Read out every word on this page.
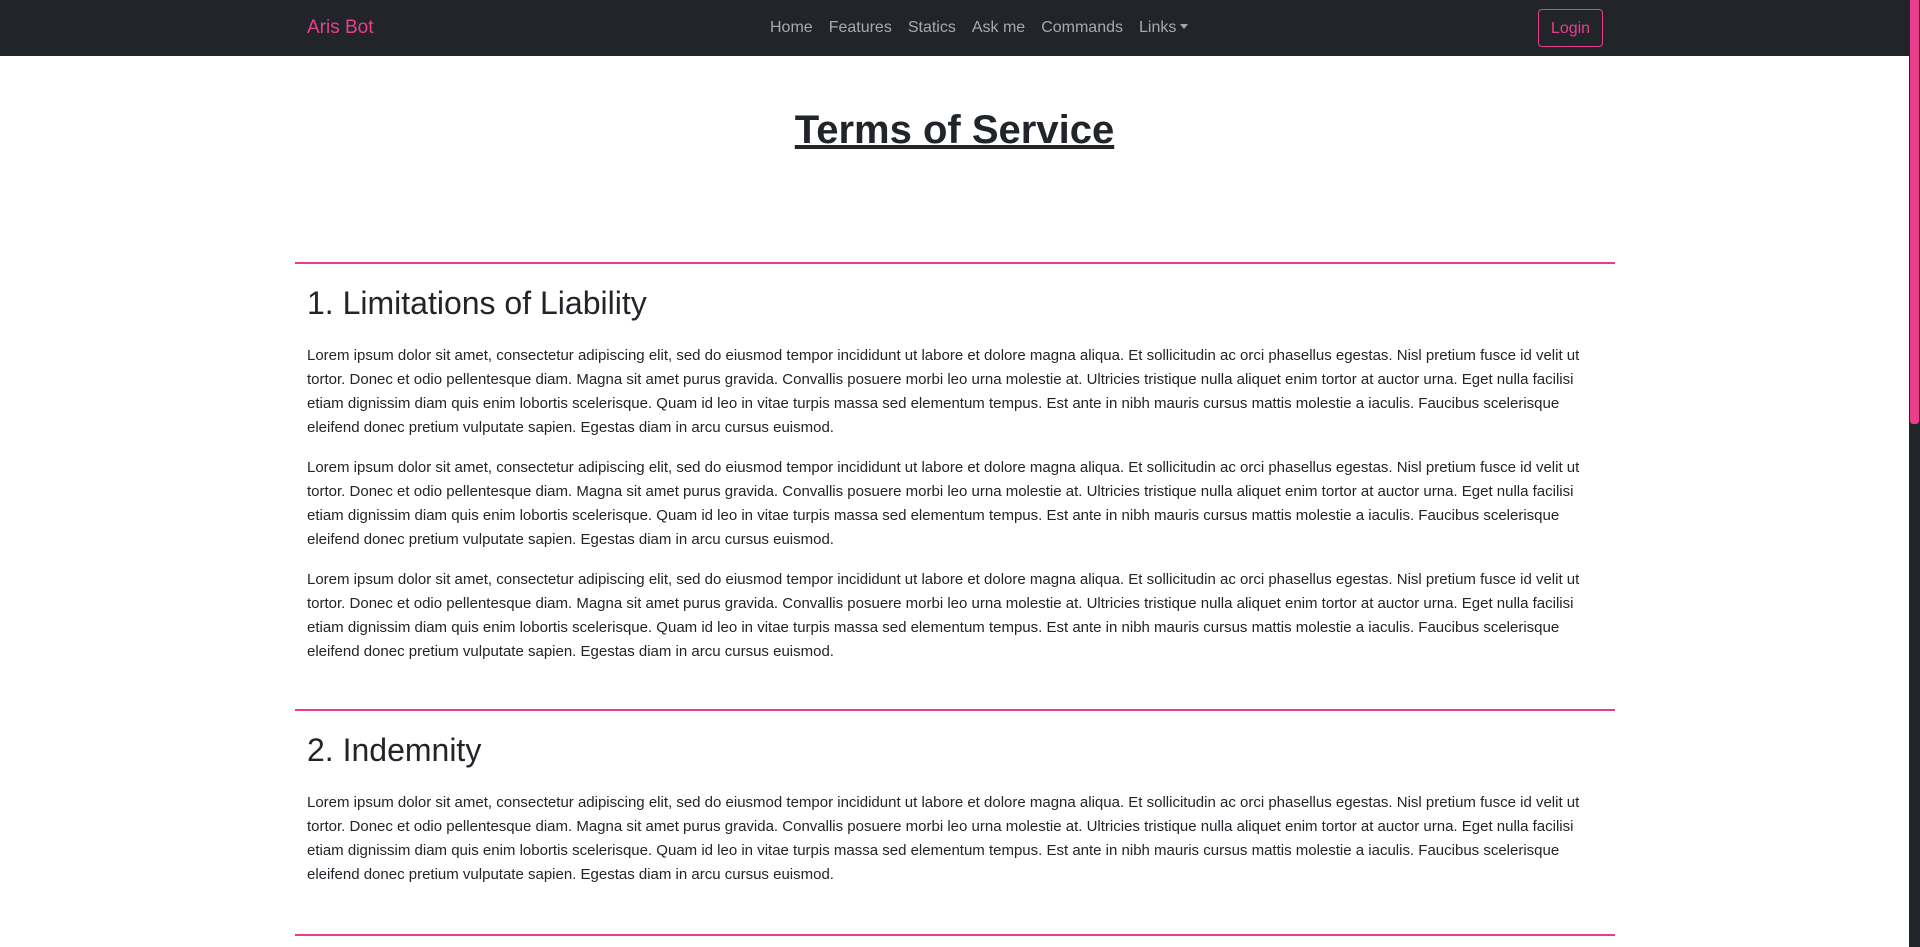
Aris Bot	Home	Features	Statics	Ask me	Commands	Links	Login
Terms of Service
1. Limitations of Liability

Lorem ipsum dolor sit amet, consectetur adipiscing elit, sed do eiusmod tempor incididunt ut labore et dolore magna aliqua. Et sollicitudin ac orci phasellus egestas. Nisl pretium fusce id velit ut tortor. Donec et odio pellentesque diam. Magna sit amet purus gravida. Convallis posuere morbi leo urna molestie at. Ultricies tristique nulla aliquet enim tortor at auctor urna. Eget nulla facilisi etiam dignissim diam quis enim lobortis scelerisque. Quam id leo in vitae turpis massa sed elementum tempus. Est ante in nibh mauris cursus mattis molestie a iaculis. Faucibus scelerisque eleifend donec pretium vulputate sapien. Egestas diam in arcu cursus euismod.

Lorem ipsum dolor sit amet, consectetur adipiscing elit, sed do eiusmod tempor incididunt ut labore et dolore magna aliqua. Et sollicitudin ac orci phasellus egestas. Nisl pretium fusce id velit ut tortor. Donec et odio pellentesque diam. Magna sit amet purus gravida. Convallis posuere morbi leo urna molestie at. Ultricies tristique nulla aliquet enim tortor at auctor urna. Eget nulla facilisi etiam dignissim diam quis enim lobortis scelerisque. Quam id leo in vitae turpis massa sed elementum tempus. Est ante in nibh mauris cursus mattis molestie a iaculis. Faucibus scelerisque eleifend donec pretium vulputate sapien. Egestas diam in arcu cursus euismod.

Lorem ipsum dolor sit amet, consectetur adipiscing elit, sed do eiusmod tempor incididunt ut labore et dolore magna aliqua. Et sollicitudin ac orci phasellus egestas. Nisl pretium fusce id velit ut tortor. Donec et odio pellentesque diam. Magna sit amet purus gravida. Convallis posuere morbi leo urna molestie at. Ultricies tristique nulla aliquet enim tortor at auctor urna. Eget nulla facilisi etiam dignissim diam quis enim lobortis scelerisque. Quam id leo in vitae turpis massa sed elementum tempus. Est ante in nibh mauris cursus mattis molestie a iaculis. Faucibus scelerisque eleifend donec pretium vulputate sapien. Egestas diam in arcu cursus euismod.

2. Indemnity

Lorem ipsum dolor sit amet, consectetur adipiscing elit, sed do eiusmod tempor incididunt ut labore et dolore magna aliqua. Et sollicitudin ac orci phasellus egestas. Nisl pretium fusce id velit ut tortor. Donec et odio pellentesque diam. Magna sit amet purus gravida. Convallis posuere morbi leo urna molestie at. Ultricies tristique nulla aliquet enim tortor at auctor urna. Eget nulla facilisi etiam dignissim diam quis enim lobortis scelerisque. Quam id leo in vitae turpis massa sed elementum tempus. Est ante in nibh mauris cursus mattis molestie a iaculis. Faucibus scelerisque eleifend donec pretium vulputate sapien. Egestas diam in arcu cursus euismod.
